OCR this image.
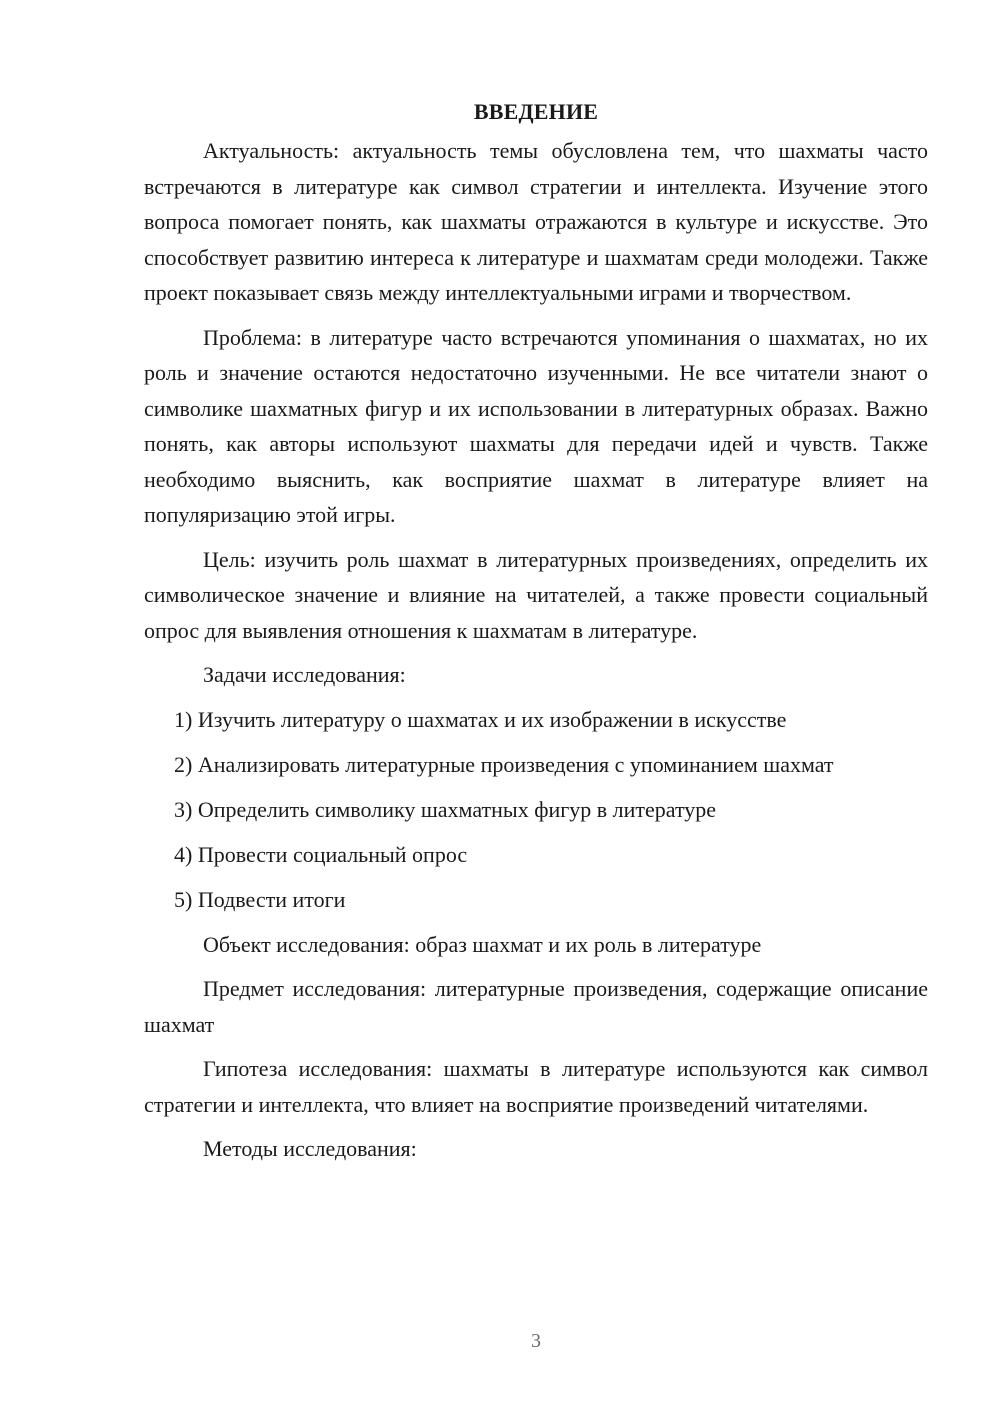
ВВЕДЕНИЕ

Актуальность: актуальность темы обусловлена тем, что шахматы часто встречаются в литературе как символ стратегии и интеллекта. Изучение этого вопроса помогает понять, как шахматы отражаются в культуре и искусстве. Это способствует развитию интереса к литературе и шахматам среди молодежи. Также проект показывает связь между интеллектуальными играми и творчеством.

Проблема: в литературе часто встречаются упоминания о шахматах, но их роль и значение остаются недостаточно изученными. Не все читатели знают о символике шахматных фигур и их использовании в литературных образах. Важно понять, как авторы используют шахматы для передачи идей и чувств. Также необходимо выяснить, как восприятие шахмат в литературе влияет на популяризацию этой игры.

Цель: изучить роль шахмат в литературных произведениях, определить их символическое значение и влияние на читателей, а также провести социальный опрос для выявления отношения к шахматам в литературе.

Задачи исследования:

1) Изучить литературу о шахматах и их изображении в искусстве
2) Анализировать литературные произведения с упоминанием шахмат
3) Определить символику шахматных фигур в литературе
4) Провести социальный опрос
5) Подвести итоги

Объект исследования: образ шахмат и их роль в литературе

Предмет исследования: литературные произведения, содержащие описание шахмат

Гипотеза исследования: шахматы в литературе используются как символ стратегии и интеллекта, что влияет на восприятие произведений читателями.

Методы исследования:

3
